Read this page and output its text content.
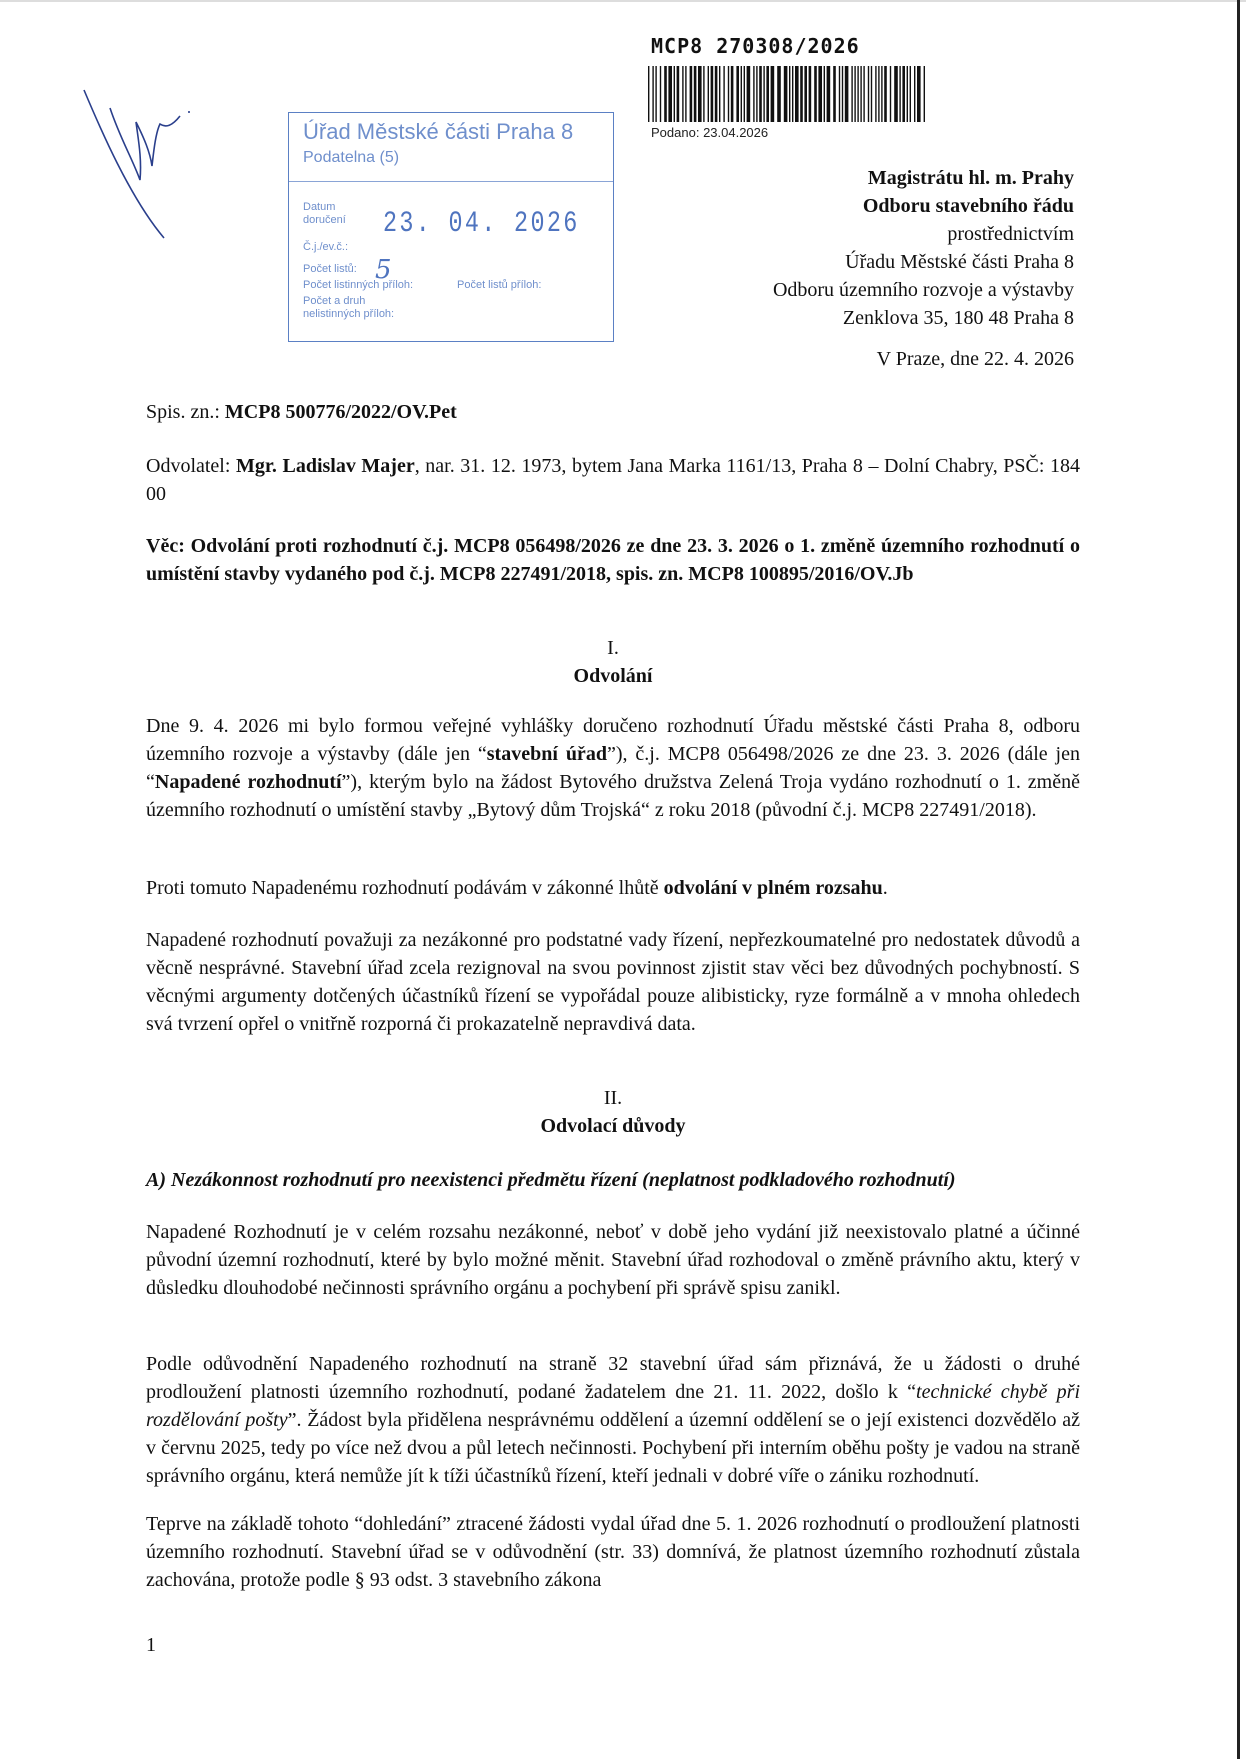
MCP8 270308/2026
Podano: 23.04.2026
Úřad Městské části Praha 8
Podatelna (5)
Datum
doručení 23. 04. 2026
Č.j./ev.č.:
Počet listů: 5
Počet listinných příloh:	Počet listů příloh:
Počet a druh
nelistinných příloh:
Magistrátu hl. m. Prahy
Odboru stavebního řádu
prostřednictvím
Úřadu Městské části Praha 8
Odboru územního rozvoje a výstavby
Zenklova 35, 180 48 Praha 8
V Praze, dne 22. 4. 2026
Spis. zn.: MCP8 500776/2022/OV.Pet
Odvolatel: Mgr. Ladislav Majer, nar. 31. 12. 1973, bytem Jana Marka 1161/13, Praha 8 – Dolní Chabry, PSČ: 184 00
Věc: Odvolání proti rozhodnutí č.j. MCP8 056498/2026 ze dne 23. 3. 2026 o 1. změně územního rozhodnutí o umístění stavby vydaného pod č.j. MCP8 227491/2018, spis. zn. MCP8 100895/2016/OV.Jb
I.
Odvolání
Dne 9. 4. 2026 mi bylo formou veřejné vyhlášky doručeno rozhodnutí Úřadu městské části Praha 8, odboru územního rozvoje a výstavby (dále jen “stavební úřad”), č.j. MCP8 056498/2026 ze dne 23. 3. 2026 (dále jen “Napadené rozhodnutí”), kterým bylo na žádost Bytového družstva Zelená Troja vydáno rozhodnutí o 1. změně územního rozhodnutí o umístění stavby „Bytový dům Trojská“ z roku 2018 (původní č.j. MCP8 227491/2018).
Proti tomuto Napadenému rozhodnutí podávám v zákonné lhůtě odvolání v plném rozsahu.
Napadené rozhodnutí považuji za nezákonné pro podstatné vady řízení, nepřezkoumatelné pro nedostatek důvodů a věcně nesprávné. Stavební úřad zcela rezignoval na svou povinnost zjistit stav věci bez důvodných pochybností. S věcnými argumenty dotčených účastníků řízení se vypořádal pouze alibisticky, ryze formálně a v mnoha ohledech svá tvrzení opřel o vnitřně rozporná či prokazatelně nepravdivá data.
II.
Odvolací důvody
A) Nezákonnost rozhodnutí pro neexistenci předmětu řízení (neplatnost podkladového rozhodnutí)
Napadené Rozhodnutí je v celém rozsahu nezákonné, neboť v době jeho vydání již neexistovalo platné a účinné původní územní rozhodnutí, které by bylo možné měnit. Stavební úřad rozhodoval o změně právního aktu, který v důsledku dlouhodobé nečinnosti správního orgánu a pochybení při správě spisu zanikl.
Podle odůvodnění Napadeného rozhodnutí na straně 32 stavební úřad sám přiznává, že u žádosti o druhé prodloužení platnosti územního rozhodnutí, podané žadatelem dne 21. 11. 2022, došlo k “technické chybě při rozdělování pošty”. Žádost byla přidělena nesprávnému oddělení a územní oddělení se o její existenci dozvědělo až v červnu 2025, tedy po více než dvou a půl letech nečinnosti. Pochybení při interním oběhu pošty je vadou na straně správního orgánu, která nemůže jít k tíži účastníků řízení, kteří jednali v dobré víře o zániku rozhodnutí.
Teprve na základě tohoto “dohledání” ztracené žádosti vydal úřad dne 5. 1. 2026 rozhodnutí o prodloužení platnosti územního rozhodnutí. Stavební úřad se v odůvodnění (str. 33) domnívá, že platnost územního rozhodnutí zůstala zachována, protože podle § 93 odst. 3 stavebního zákona
1
